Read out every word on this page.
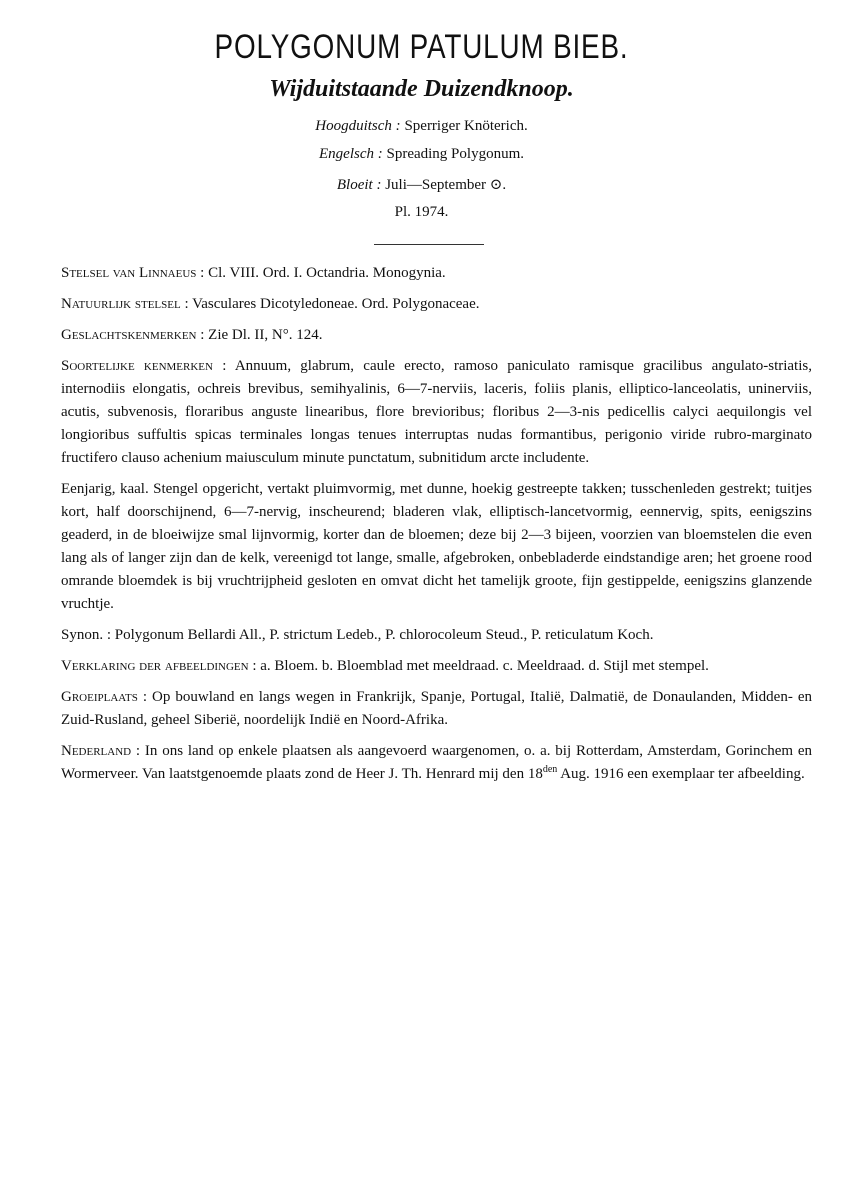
POLYGONUM PATULUM BIEB.
Wijduitstaande Duizendknoop.
Hoogduitsch : Sperriger Knöterich.
Engelsch : Spreading Polygonum.
Bloeit : Juli—September ⊙.
Pl. 1974.

Stelsel van Linnaeus : Cl. VIII. Ord. I. Octandria. Monogynia.

Natuurlijk stelsel : Vasculares Dicotyledoneae. Ord. Polygonaceae.

Geslachtskenmerken : Zie Dl. II, N°. 124.

Soortelijke kenmerken : Annuum, glabrum, caule erecto, ramoso paniculato ramisque gracilibus angulato-striatis, internodiis elongatis, ochreis brevibus, semihyalinis, 6—7-nerviis, laceris, foliis planis, elliptico-lanceolatis, uninerviis, acutis, subvenosis, floraribus anguste linearibus, flore brevioribus; floribus 2—3-nis pedicellis calyci aequilongis vel longioribus suffultis spicas terminales longas tenues interruptas nudas formantibus, perigonio viride rubro-marginato fructifero clauso achenium maiusculum minute punctatum, subnitidum arcte includente.

Eenjarig, kaal. Stengel opgericht, vertakt pluimvormig, met dunne, hoekig gestreepte takken; tusschenleden gestrekt; tuitjes kort, half doorschijnend, 6—7-nervig, inscheurend; bladeren vlak, elliptisch-lancetvormig, eennervig, spits, eenigszins geaderd, in de bloeiwijze smal lijnvormig, korter dan de bloemen; deze bij 2—3 bijeen, voorzien van bloemstelen die even lang als of langer zijn dan de kelk, vereenigd tot lange, smalle, afgebroken, onbebladerde eindstandige aren; het groene rood omrande bloemdek is bij vruchtrijpheid gesloten en omvat dicht het tamelijk groote, fijn gestippelde, eenigszins glanzende vruchtje.

Synon. : Polygonum Bellardi All., P. strictum Ledeb., P. chlorocoleum Steud., P. reticulatum Koch.

Verklaring der afbeeldingen : a. Bloem. b. Bloemblad met meeldraad. c. Meeldraad. d. Stijl met stempel.

Groeiplaats : Op bouwland en langs wegen in Frankrijk, Spanje, Portugal, Italië, Dalmatië, de Donaulanden, Midden- en Zuid-Rusland, geheel Siberië, noordelijk Indië en Noord-Afrika.

Nederland : In ons land op enkele plaatsen als aangevoerd waargenomen, o. a. bij Rotterdam, Amsterdam, Gorinchem en Wormerveer. Van laatstgenoemde plaats zond de Heer J. Th. Henrard mij den $18^{den}$ Aug. 1916 een exemplaar ter afbeelding.
